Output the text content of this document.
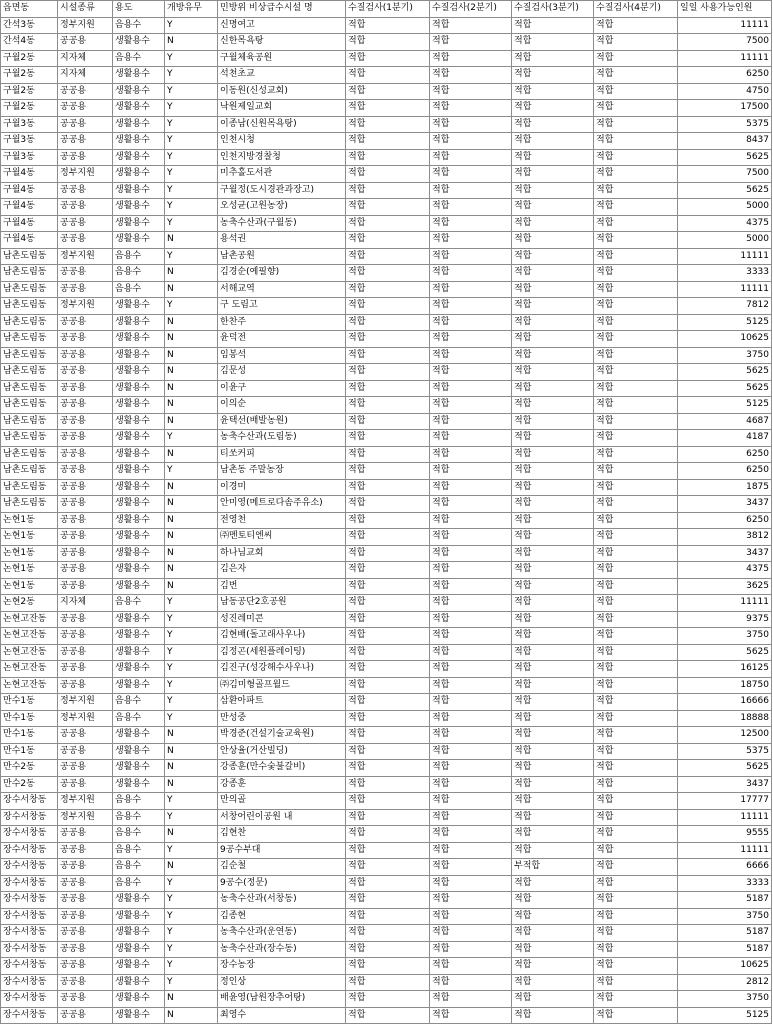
읍면동	시설종류	용도	개방유무	민방위 비상급수시설 명	수질검사(1분기)	수질검사(2분기)	수질검사(3분기)	수질검사(4분기)	일일 사용가능인원
간석3동	정부지원	음용수	Y	신명여고	적합	적합	적합	적합	11111
간석4동	공공용	생활용수	N	신한목욕탕	적합	적합	적합	적합	7500
구월2동	지자체	음용수	Y	구월체육공원	적합	적합	적합	적합	11111
구월2동	지자체	생활용수	Y	석천초교	적합	적합	적합	적합	6250
구월2동	공공용	생활용수	Y	이동원(신성교회)	적합	적합	적합	적합	4750
구월2동	공공용	생활용수	Y	낙원제일교회	적합	적합	적합	적합	17500
구월3동	공공용	생활용수	Y	이종남(신원목욕탕)	적합	적합	적합	적합	5375
구월3동	공공용	생활용수	Y	인천시청	적합	적합	적합	적합	8437
구월3동	공공용	생활용수	Y	인천지방경찰청	적합	적합	적합	적합	5625
구월4동	정부지원	생활용수	Y	미추홀도서관	적합	적합	적합	적합	7500
구월4동	공공용	생활용수	Y	구월정(도시경관과장고)	적합	적합	적합	적합	5625
구월4동	공공용	생활용수	Y	오성균(고원농장)	적합	적합	적합	적합	5000
구월4동	공공용	생활용수	Y	농축수산과(구월동)	적합	적합	적합	적합	4375
구월4동	공공용	생활용수	N	용석권	적합	적합	적합	적합	5000
남촌도림동	정부지원	음용수	Y	남촌공원	적합	적합	적합	적합	11111
남촌도림동	공공용	음용수	N	김경순(예필향)	적합	적합	적합	적합	3333
남촌도림동	공공용	음용수	N	서해교역	적합	적합	적합	적합	11111
남촌도림동	정부지원	생활용수	Y	구 도림고	적합	적합	적합	적합	7812
남촌도림동	공공용	생활용수	N	한찬주	적합	적합	적합	적합	5125
남촌도림동	공공용	생활용수	N	윤덕전	적합	적합	적합	적합	10625
남촌도림동	공공용	생활용수	N	임봉석	적합	적합	적합	적합	3750
남촌도림동	공공용	생활용수	N	김문성	적합	적합	적합	적합	5625
남촌도림동	공공용	생활용수	N	이윤구	적합	적합	적합	적합	5625
남촌도림동	공공용	생활용수	N	이의순	적합	적합	적합	적합	5125
남촌도림동	공공용	생활용수	N	윤택선(배발농원)	적합	적합	적합	적합	4687
남촌도림동	공공용	생활용수	Y	농축수산과(도림동)	적합	적합	적합	적합	4187
남촌도림동	공공용	생활용수	N	티쏘커피	적합	적합	적합	적합	6250
남촌도림동	공공용	생활용수	Y	남촌동 주말농장	적합	적합	적합	적합	6250
남촌도림동	공공용	생활용수	N	이경미	적합	적합	적합	적합	1875
남촌도림동	공공용	생활용수	N	안미영(메트로다솜주유소)	적합	적합	적합	적합	3437
논현1동	공공용	생활용수	N	전영천	적합	적합	적합	적합	6250
논현1동	공공용	생활용수	N	㈜멘토티엔씨	적합	적합	적합	적합	3812
논현1동	공공용	생활용수	N	하나님교회	적합	적합	적합	적합	3437
논현1동	공공용	생활용수	N	김은자	적합	적합	적합	적합	4375
논현1동	공공용	생활용수	N	김번	적합	적합	적합	적합	3625
논현2동	지자체	음용수	Y	남동공단2호공원	적합	적합	적합	적합	11111
논현고잔동	공공용	생활용수	Y	성진레미콘	적합	적합	적합	적합	9375
논현고잔동	공공용	생활용수	Y	김현배(돌고래사우나)	적합	적합	적합	적합	3750
논현고잔동	공공용	생활용수	Y	김정곤(세원플레이팅)	적합	적합	적합	적합	5625
논현고잔동	공공용	생활용수	Y	김진구(성강해수사우나)	적합	적합	적합	적합	16125
논현고잔동	공공용	생활용수	Y	㈜김미형골프월드	적합	적합	적합	적합	18750
만수1동	정부지원	음용수	Y	삼환아파트	적합	적합	적합	적합	16666
만수1동	정부지원	음용수	Y	만성중	적합	적합	적합	적합	18888
만수1동	공공용	생활용수	N	박경준(건설기술교육원)	적합	적합	적합	적합	12500
만수1동	공공용	생활용수	N	안상율(거산빌딩)	적합	적합	적합	적합	5375
만수2동	공공용	생활용수	N	강종훈(만수숯불갈비)	적합	적합	적합	적합	5625
만수2동	공공용	생활용수	N	강종훈	적합	적합	적합	적합	3437
장수서창동	정부지원	음용수	Y	만의골	적합	적합	적합	적합	17777
장수서창동	정부지원	음용수	Y	서창어린이공원 내	적합	적합	적합	적합	11111
장수서창동	공공용	음용수	N	김현찬	적합	적합	적합	적합	9555
장수서창동	공공용	음용수	Y	9공수부대	적합	적합	적합	적합	11111
장수서창동	공공용	음용수	N	김순철	적합	적합	부적합	적합	6666
장수서창동	공공용	음용수	Y	9공수(정문)	적합	적합	적합	적합	3333
장수서창동	공공용	생활용수	Y	농축수산과(서창동)	적합	적합	적합	적합	5187
장수서창동	공공용	생활용수	Y	김종현	적합	적합	적합	적합	3750
장수서창동	공공용	생활용수	Y	농축수산과(운연동)	적합	적합	적합	적합	5187
장수서창동	공공용	생활용수	Y	농축수산과(장수동)	적합	적합	적합	적합	5187
장수서창동	공공용	생활용수	Y	장수농장	적합	적합	적합	적합	10625
장수서창동	공공용	생활용수	Y	정인상	적합	적합	적합	적합	2812
장수서창동	공공용	생활용수	N	배윤영(남원장추어탕)	적합	적합	적합	적합	3750
장수서창동	공공용	생활용수	N	최영수	적합	적합	적합	적합	5125
